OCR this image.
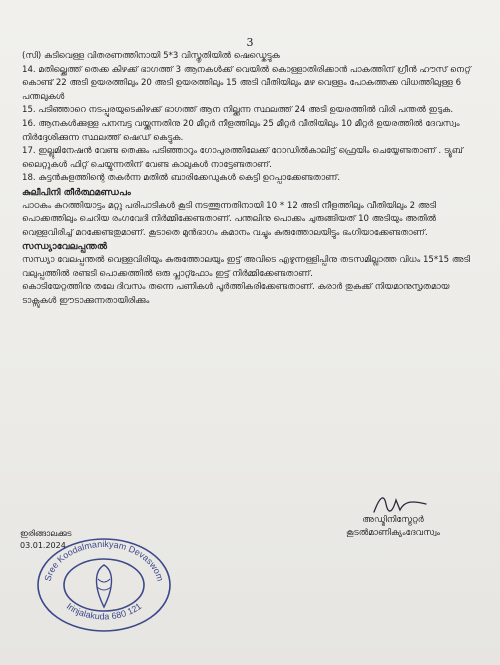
3

(സി) കുടിവെള്ള വിതരണത്തിനായി 5*3 വിസ്തൃതിയിൽ ഷെഡ്കെട്ടുക

14. മതില്ക്കെത്ത് തെക്ക കിഴക്ക് ഭാഗത്ത് 3 ആനകൾക്ക് വെയിൽ കൊള്ളാതിരിക്കാൻ പാകത്തിന് ഗ്രീൻ ഹൗസ് നെറ്റ് കൊണ്ട് 22 അടി ഉയരത്തിലും 20 അടി ഉയരത്തിലും 15 അടി വീതിയിലും മഴ വെള്ളം പോകത്തക്ക വിധത്തിലുള്ള 6 പന്തലുകൾ

15. പടിഞ്ഞാറെ നടപ്പുരയുടെകിഴക്ക് ഭാഗത്ത് ആന നില്ക്കുന്ന സ്ഥലത്ത് 24 അടി ഉയരത്തിൽ വിരി പന്തൽ ഇടുക.

16. ആനകൾക്കുള്ള പനമ്പട്ട വയ്ക്കുന്നതിനു 20 മീറ്റർ നീളത്തിലും 25 മീറ്റർ വീതിയിലും 10 മീറ്റർ ഉയരത്തിൽ ദേവസ്വം നിർദ്ദേശിക്കുന്ന സ്ഥലത്ത് ഷെഡ് കെട്ടുക.

17. ഇല്ലുമിനേഷൻ വേണ്ട തെക്കും പടിഞ്ഞാറും ഗോപുരത്തിലേക്ക് റോഡിൽകാലിട്ട് ഫ്രെയിം ചെയ്യേണ്ടതാണ് . ട്യൂബ് ലൈറ്റുകൾ ഫിറ്റ് ചെയ്യുന്നതിന് വേണ്ട കാലുകൾ നാട്ടേണ്ടതാണ്.

18. കുട്ടൻകുളത്തിന്റെ തകർന്ന മതിൽ ബാരിക്കേഡുകൾ കെട്ടി ഉറപ്പാക്കേണ്ടതാണ്.

കുലീപിനി തീർത്ഥമണ്ഡപം

പാഠകം കുറത്തിയാട്ടം മറ്റു പരിപാടികൾ കൂടി നടത്തുന്നതിനായി 10 * 12 അടി നീളത്തിലും വീതിയിലും 2 അടി പൊക്കത്തിലും ചെറിയ രംഗവേദി നിർമ്മിക്കേണ്ടതാണ്. പന്തലിനു പൊക്കം ചുരുങ്ങിയത് 10 അടിയും അതിൽ വെള്ളവിരിച്ച് മറക്കേണ്ടതുമാണ്. കൂടാതെ മുൻഭാഗം കമാനം വച്ചും കുരുത്തോലയിട്ടും ഭംഗിയാക്കേണ്ടതാണ്.

സന്ധ്യാവേലപ്പന്തൽ

സന്ധ്യാ വേലപ്പന്തൽ വെള്ളവിരിയും കുരുത്തോലയും ഇട്ട് അവിടെ എഴുന്നള്ളിപ്പിനു തടസമില്ലാത്ത വിധം 15*15 അടി വലുപ്പത്തിൽ രണ്ടടി പൊക്കത്തിൽ ഒരു പ്ലാറ്റ്ഫോം ഇട്ട് നിർമ്മിക്കേണ്ടതാണ്.

കൊടിയേറ്റത്തിനു തലേ ദിവസം തന്നെ പണികൾ പൂർത്തികരിക്കേണ്ടതാണ്. കരാർ തുകക്ക് നിയമാനുസൃതമായ ടാക്സുകൾ ഈടാക്കുന്നതായിരിക്കും

അഡ്മിനിസ്ട്രേറ്റർ
കൂടൽമാണിക്യംദേവസ്വം
ഇരിങ്ങാലക്കുട
03.01.2024
Sree Koodalmanikyam Devaswom
Irinjalakuda 680 121
